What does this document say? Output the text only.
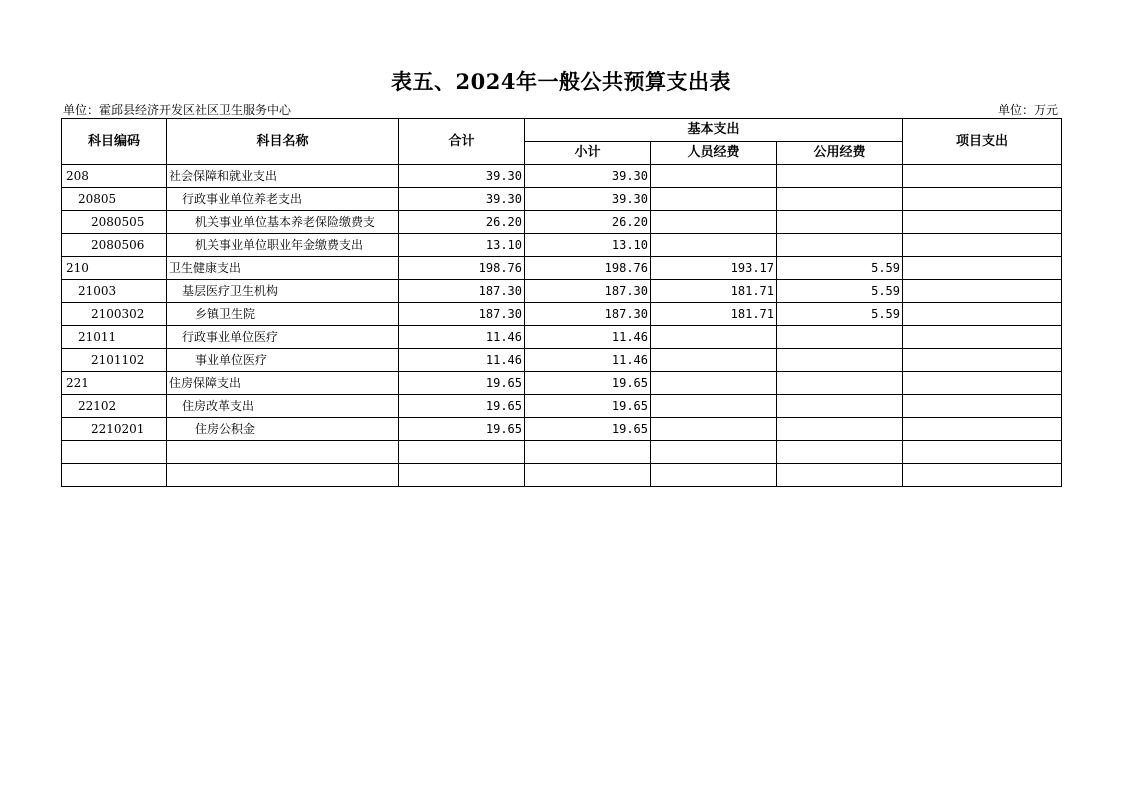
表五、2024年一般公共预算支出表
单位：霍邱县经济开发区社区卫生服务中心	单位：万元
科目编码	科目名称	合计	基本支出			项目支出
			小计	人员经费	公用经费	
208	社会保障和就业支出	39.30	39.30			
20805	行政事业单位养老支出	39.30	39.30			
2080505	机关事业单位基本养老保险缴费支	26.20	26.20			
2080506	机关事业单位职业年金缴费支出	13.10	13.10			
210	卫生健康支出	198.76	198.76	193.17	5.59	
21003	基层医疗卫生机构	187.30	187.30	181.71	5.59	
2100302	乡镇卫生院	187.30	187.30	181.71	5.59	
21011	行政事业单位医疗	11.46	11.46			
2101102	事业单位医疗	11.46	11.46			
221	住房保障支出	19.65	19.65			
22102	住房改革支出	19.65	19.65			
2210201	住房公积金	19.65	19.65			
